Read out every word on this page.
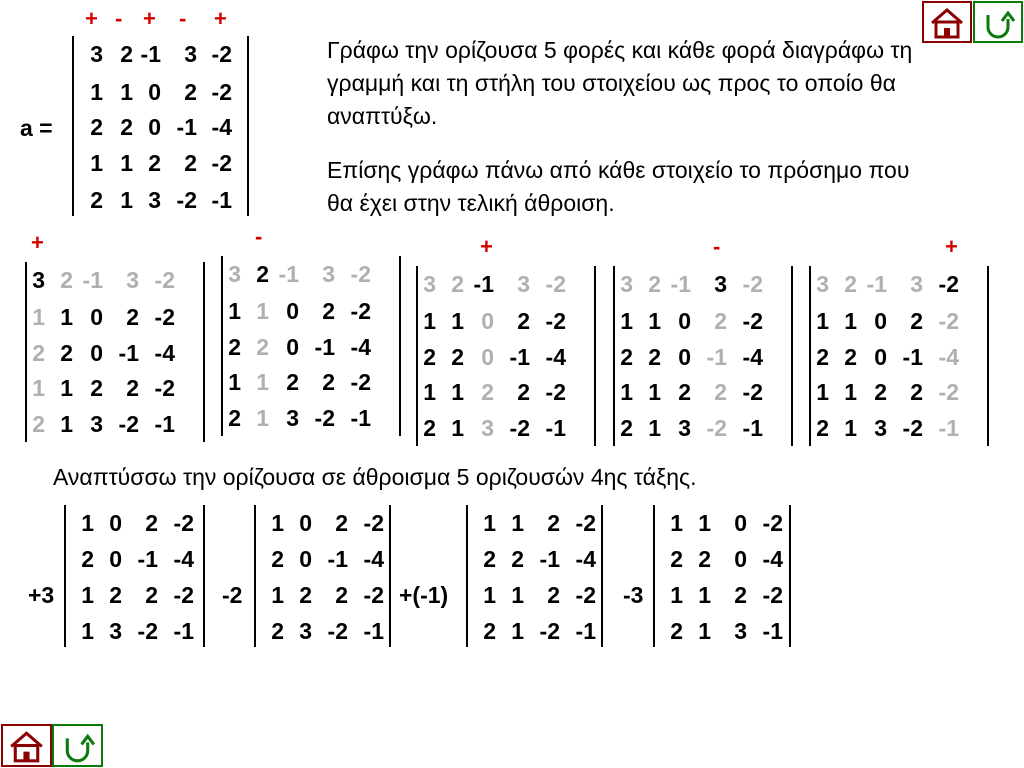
+ - + - +
3 2 -1	3 -2
1 1 0	2 -2
2 2 0 -1 -4
1 1 2	2 -2
2 1 3 -2 -1
a =
Γράφω την ορίζουσα 5 φορές και κάθε φορά διαγράφω τη γραμμή και τη στήλη του στοιχείου ως προς το οποίο θα αναπτύξω.
Επίσης γράφω πάνω από κάθε στοιχείο το πρόσημο που θα έχει στην τελική άθροιση.
+
3 2 -1	3 -2
1 1 0	2 -2
2 2 0 -1 -4
1 1 2	2 -2
2 1 3 -2 -1
-
3 2 -1	3 -2
1 1 0	2 -2
2 2 0 -1 -4
1 1 2	2 -2
2 1 3 -2 -1
+
3 2 -1	3 -2
1 1 0	2 -2
2 2 0 -1 -4
1 1 2	2 -2
2 1 3 -2 -1
-
3 2 -1	3 -2
1 1 0	2 -2
2 2 0 -1 -4
1 1 2	2 -2
2 1 3 -2 -1
+
3 2 -1	3 -2
1 1 0	2 -2
2 2 0 -1 -4
1 1 2	2 -2
2 1 3 -2 -1
Αναπτύσσω την ορίζουσα σε άθροισμα 5 οριζουσών 4ης τάξης.
+3
1 0	2 -2
2 0 -1 -4
1 2	2 -2
1 3 -2 -1
-2
1 0	2 -2
2 0 -1 -4
1 2	2 -2
2 3 -2 -1
+(-1)
1 1	2 -2
2 2 -1 -4
1 1	2 -2
2 1 -2 -1
-3
1 1	0 -2
2 2	0 -4
1 1	2 -2
2 1	3 -1
